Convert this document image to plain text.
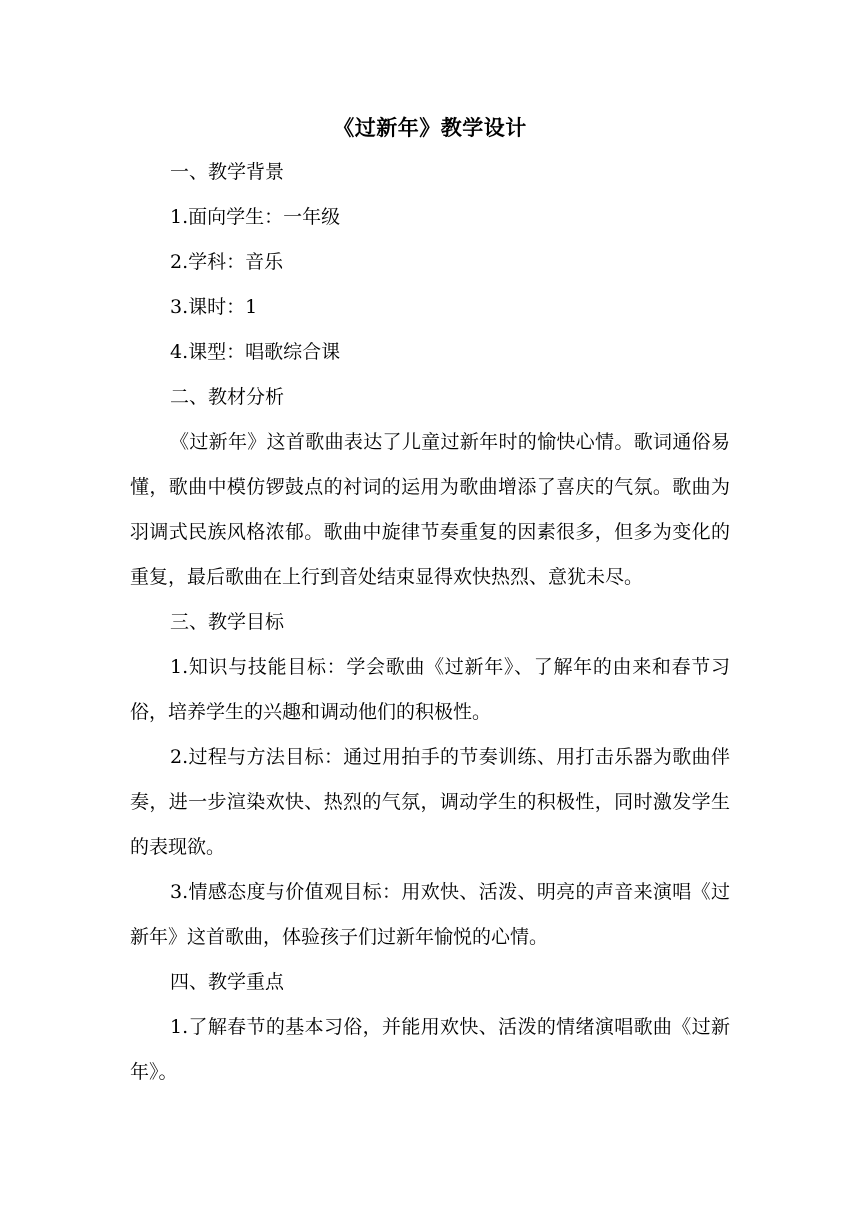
《过新年》教学设计
一、教学背景
1.面向学生：一年级
2.学科：音乐
3.课时：1
4.课型：唱歌综合课
二、教材分析
《过新年》这首歌曲表达了儿童过新年时的愉快心情。歌词通俗易懂，歌曲中模仿锣鼓点的衬词的运用为歌曲增添了喜庆的气氛。歌曲为羽调式民族风格浓郁。歌曲中旋律节奏重复的因素很多，但多为变化的重复，最后歌曲在上行到音处结束显得欢快热烈、意犹未尽。
三、教学目标
1.知识与技能目标：学会歌曲《过新年》、了解年的由来和春节习俗，培养学生的兴趣和调动他们的积极性。
2.过程与方法目标：通过用拍手的节奏训练、用打击乐器为歌曲伴奏，进一步渲染欢快、热烈的气氛，调动学生的积极性，同时激发学生的表现欲。
3.情感态度与价值观目标：用欢快、活泼、明亮的声音来演唱《过新年》这首歌曲，体验孩子们过新年愉悦的心情。
四、教学重点
1.了解春节的基本习俗，并能用欢快、活泼的情绪演唱歌曲《过新年》。
